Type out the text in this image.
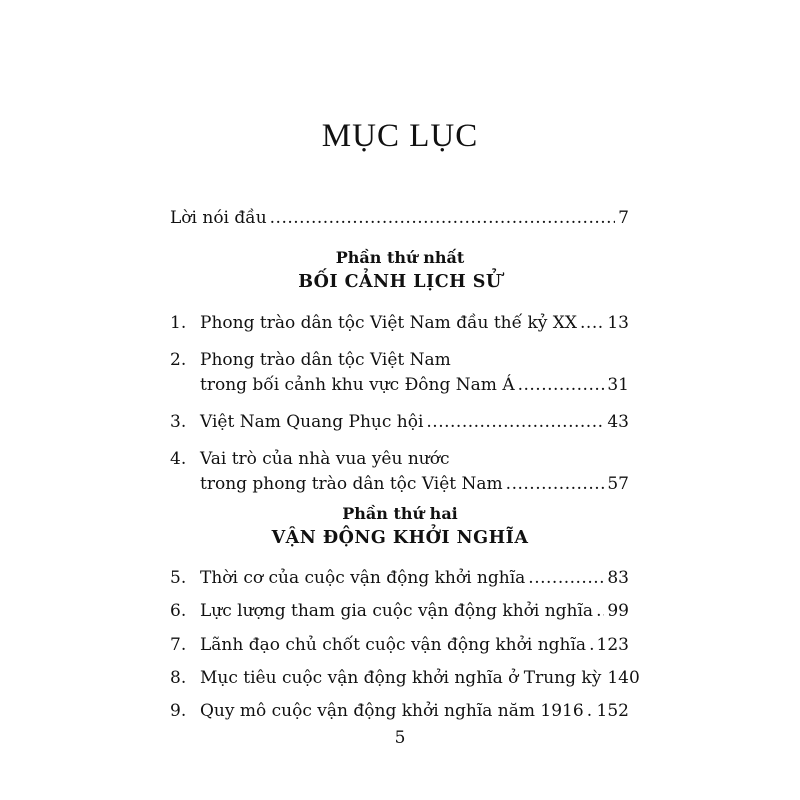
MỤC LỤC
Lời nói đầu .....	7
Phần thứ nhất
BỐI CẢNH LỊCH SỬ
1. Phong trào dân tộc Việt Nam đầu thế kỷ XX ..... 13
2. Phong trào dân tộc Việt Nam
trong bối cảnh khu vực Đông Nam Á .....	31
3. Việt Nam Quang Phục hội .....	43
4. Vai trò của nhà vua yêu nước
trong phong trào dân tộc Việt Nam .....	57
Phần thứ hai
VẬN ĐỘNG KHỞI NGHĨA
5. Thời cơ của cuộc vận động khởi nghĩa .....	83
6. Lực lượng tham gia cuộc vận động khởi nghĩa ..... 99
7. Lãnh đạo chủ chốt cuộc vận động khởi nghĩa ..... 123
8. Mục tiêu cuộc vận động khởi nghĩa ở Trung kỳ 140
9. Quy mô cuộc vận động khởi nghĩa năm 1916 ..... 152
5
